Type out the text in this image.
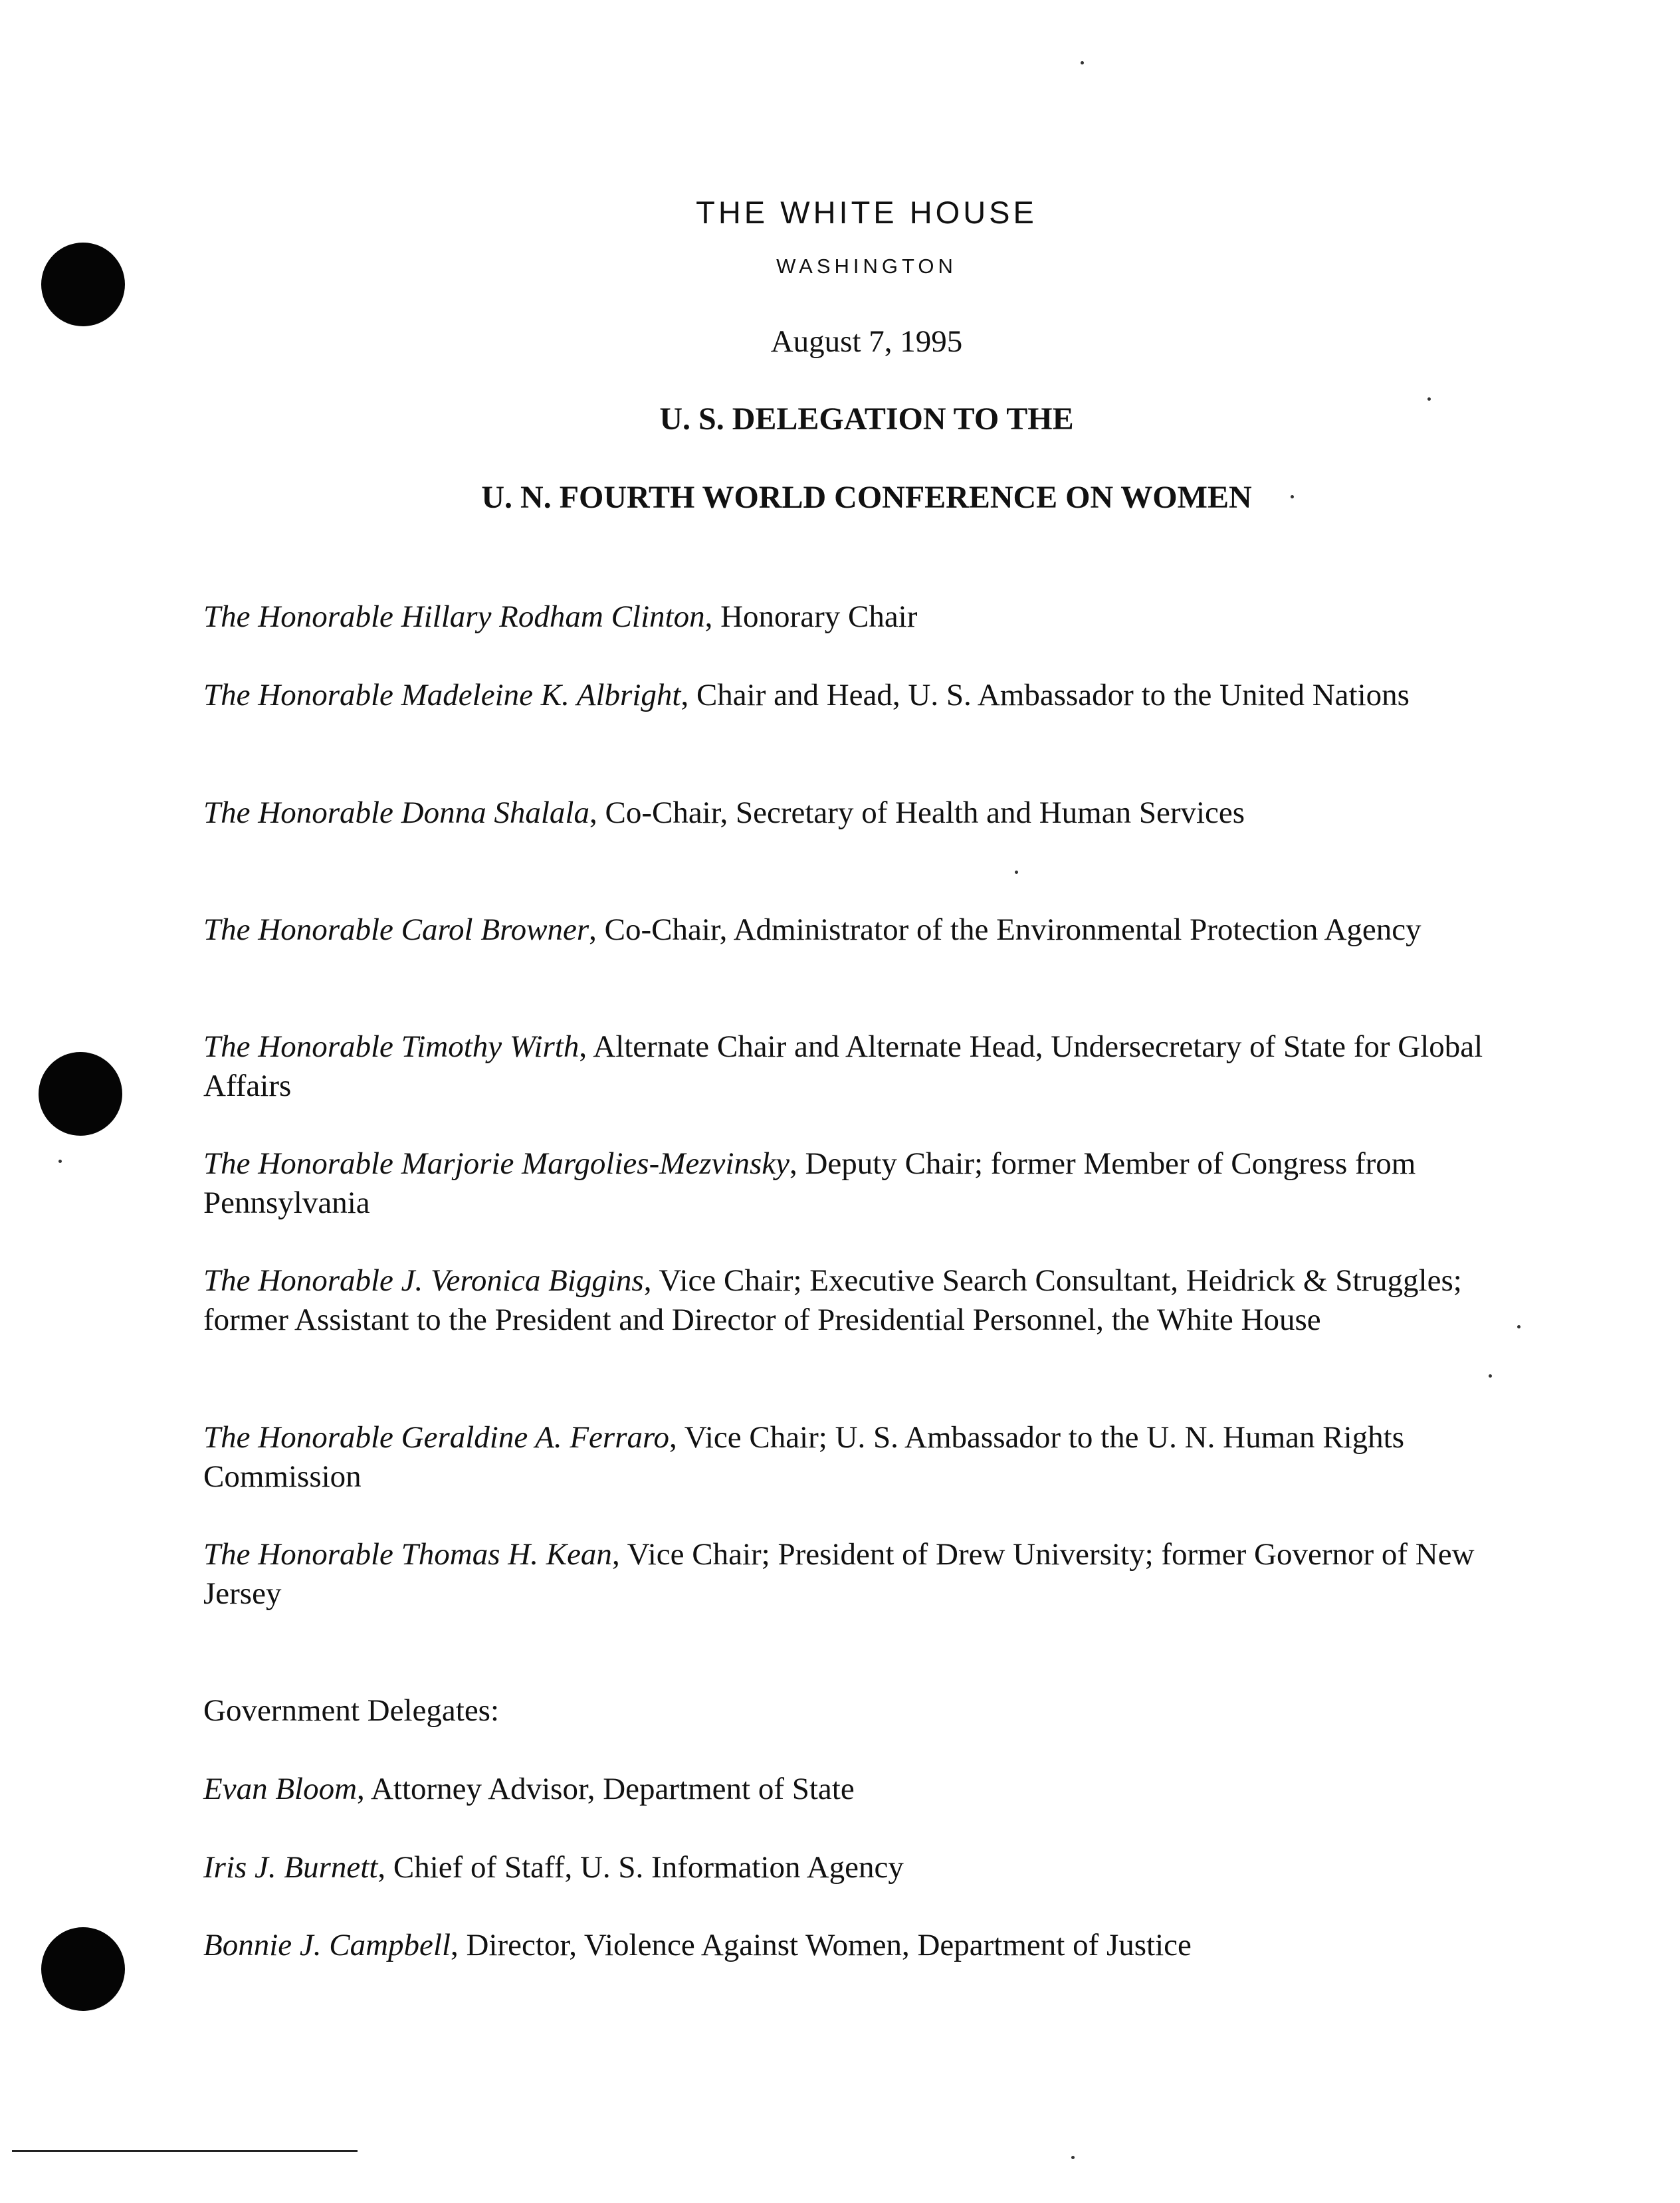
THE WHITE HOUSE
WASHINGTON
August 7, 1995
U. S. DELEGATION TO THE
U. N. FOURTH WORLD CONFERENCE ON WOMEN
The Honorable Hillary Rodham Clinton, Honorary Chair
The Honorable Madeleine K. Albright, Chair and Head, U. S. Ambassador to the United Nations
The Honorable Donna Shalala, Co-Chair, Secretary of Health and Human Services
The Honorable Carol Browner, Co-Chair, Administrator of the Environmental Protection Agency
The Honorable Timothy Wirth, Alternate Chair and Alternate Head, Undersecretary of State for Global Affairs
The Honorable Marjorie Margolies-Mezvinsky, Deputy Chair; former Member of Congress from Pennsylvania
The Honorable J. Veronica Biggins, Vice Chair; Executive Search Consultant, Heidrick & Struggles; former Assistant to the President and Director of Presidential Personnel, the White House
The Honorable Geraldine A. Ferraro, Vice Chair; U. S. Ambassador to the U. N. Human Rights Commission
The Honorable Thomas H. Kean, Vice Chair; President of Drew University; former Governor of New Jersey
Government Delegates:
Evan Bloom, Attorney Advisor, Department of State
Iris J. Burnett, Chief of Staff, U. S. Information Agency
Bonnie J. Campbell, Director, Violence Against Women, Department of Justice
